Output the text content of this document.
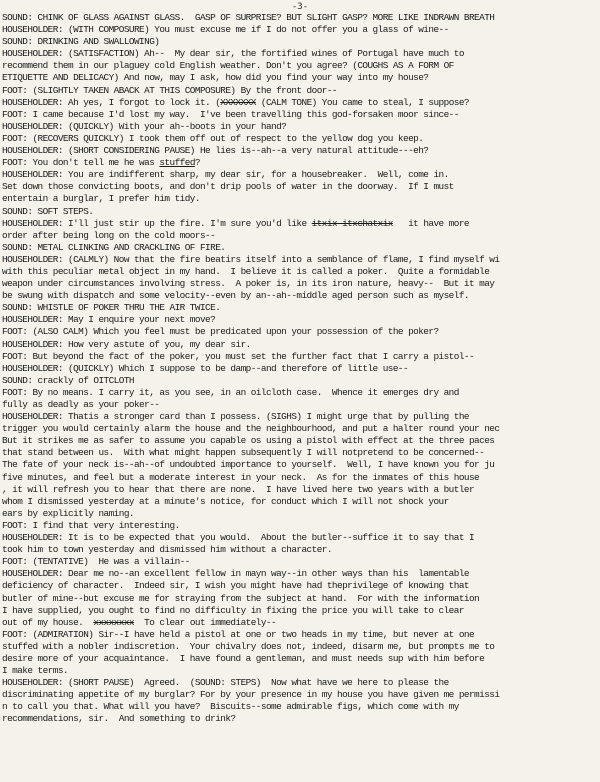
-3-
SOUND: CHINK OF GLASS AGAINST GLASS.  GASP OF SURPRISE? BUT SLIGHT GASP? MORE LIKE INDRAWN BREATH
HOUSEHOLDER: (WITH COMPOSURE) You must excuse me if I do not offer you a glass of wine--
SOUND: DRINKING AND SWALLOWING)
HOUSEHOLDER: (SATISFACTION) Ah--  My dear sir, the fortified wines of Portugal have much to
recommend them in our plaguey cold English weather. Don't you agree? (COUGHS AS A FORM OF
ETIQUETTE AND DELICACY) And now, may I ask, how did you find your way into my house?
FOOT: (SLIGHTLY TAKEN ABACK AT THIS COMPOSURE) By the front door--
HOUSEHOLDER: Ah yes, I forgot to lock it. (XXXXXXX (CALM TONE) You came to steal, I suppose?
FOOT: I came because I'd lost my way.  I've been travelling this god-forsaken moor since--
HOUSEHOLDER: (QUICKLY) With your ah--boots in your hand?
FOOT: (RECOVERS QUICKLY) I took them off out of respect to the yellow dog you keep.
HOUSEHOLDER: (SHORT CONSIDERING PAUSE) He lies is--ah--a very natural attitude---eh?
FOOT: You don't tell me he was stuffed?
HOUSEHOLDER: You are indifferent sharp, my dear sir, for a housebreaker.  Well, come in.
Set down those convicting boots, and don't drip pools of water in the doorway.  If I must
entertain a burglar, I prefer him tidy.
SOUND: SOFT STEPS.
HOUSEHOLDER: I'll just stir up the fire. I'm sure you'd like itxix itxchatxix   it have more
order after being long on the cold moors--
SOUND: METAL CLINKING AND CRACKLING OF FIRE.
HOUSEHOLDER: (CALMLY) Now that the fire beatirs itself into a semblance of flame, I find myself wi
with this peculiar metal object in my hand.  I believe it is called a poker.  Quite a formidable
weapon under circumstances involving stress.  A poker is, in its iron nature, heavy--  But it may
be swung with dispatch and some velocity--even by an--ah--middle aged person such as myself.
SOUND: WHISTLE OF POKER THRU THE AIR TWICE.
HOUSEHOLDER: May I enquire your next move?
FOOT: (ALSO CALM) Which you feel must be predicated upon your possession of the poker?
HOUSEHOLDER: How very astute of you, my dear sir.
FOOT: But beyond the fact of the poker, you must set the further fact that I carry a pistol--
HOUSEHOLDER: (QUICKLY) Which I suppose to be damp--and therefore of little use--
SOUND: crackly of OITCLOTH
FOOT: By no means. I carry it, as you see, in an oilcloth case.  Whence it emerges dry and
fully as deadly as your poker--
HOUSEHOLDER: Thatis a stronger card than I possess. (SIGHS) I might urge that by pulling the
trigger you would certainly alarm the house and the neighbourhood, and put a halter round your nec
But it strikes me as safer to assume you capable os using a pistol with effect at the three paces
that stand between us.  With what might happen subsequently I will notpretend to be concerned--
The fate of your neck is--ah--of undoubted importance to yourself.  Well, I have known you for ju
five minutes, and feel but a moderate interest in your neck.  As for the inmates of this house
, it will refresh you to hear that there are none.  I have lived here two years with a butler
whom I dismissed yesterday at a minute's notice, for conduct which I will not shock your
ears by explicitly naming.
FOOT: I find that very interesting.
HOUSEHOLDER: It is to be expected that you would.  About the butler--suffice it to say that I
took him to town yesterday and dismissed him without a character.
FOOT: (TENTATIVE)  He was a villain--
HOUSEHOLDER: Dear me no--an excellent fellow in mayn way--in other ways than his  lamentable
deficiency of character.  Indeed sir, I wish you might have had theprivilege of knowing that
butler of mine--but excuse me for straying from the subject at hand.  For with the information
I have supplied, you ought to find no difficulty in fixing the price you will take to clear
out of my house.  xxxxxxxx  To clear out immediately--
FOOT: (ADMIRATION) Sir--I have held a pistol at one or two heads in my time, but never at one
stuffed with a nobler indiscretion.  Your chivalry does not, indeed, disarm me, but prompts me to
desire more of your acquaintance.  I have found a gentleman, and must needs sup with him before
I make terms.
HOUSEHOLDER: (SHORT PAUSE)  Agreed.  (SOUND: STEPS)  Now what have we here to please the
discriminating appetite of my burglar? For by your presence in my house you have given me permissi
n to call you that. What will you have?  Biscuits--some admirable figs, which come with my
recommendations, sir.  And something to drink?
